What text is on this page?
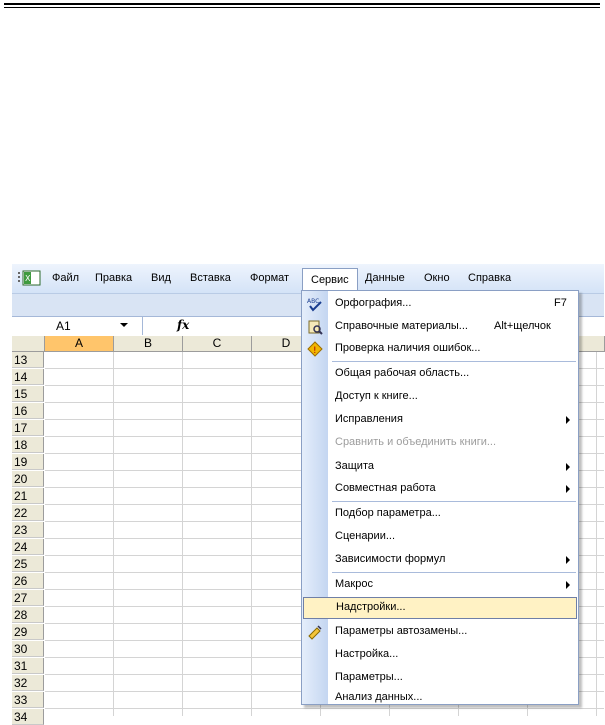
X Файл Правка Вид Вставка Формат	Сервис	Данные Окно Справка
A1	fx
A	B	C	D
13
14
15
16
17
18
19
20
21
22
23
24
25
26
27
28
29
30
31
32
33
34
ABC Орфография...	F7
Справочные материалы... Alt+щелчок
! Проверка наличия ошибок...
Общая рабочая область...
Доступ к книге...
Исправления
Сравнить и объединить книги...
Защита
Совместная работа
Подбор параметра...
Сценарии...
Зависимости формул
Макрос
Надстройки...
Параметры автозамены...
Настройка...
Параметры...
Анализ данных...
